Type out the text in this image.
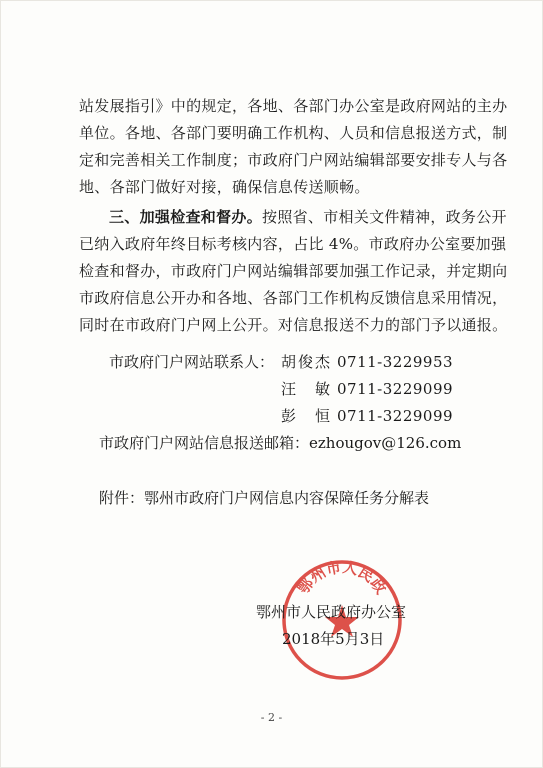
站发展指引》中的规定，各地、各部门办公室是政府网站的主办
单位。各地、各部门要明确工作机构、人员和信息报送方式，制
定和完善相关工作制度；市政府门户网站编辑部要安排专人与各
地、各部门做好对接，确保信息传送顺畅。
三、加强检查和督办。按照省、市相关文件精神，政务公开
已纳入政府年终目标考核内容，占比 4%。市政府办公室要加强
检查和督办，市政府门户网站编辑部要加强工作记录，并定期向
市政府信息公开办和各地、各部门工作机构反馈信息采用情况，
同时在市政府门户网上公开。对信息报送不力的部门予以通报。
市政府门户网站联系人： 胡俊杰 0711-3229953
汪　敏 0711-3229099
彭　恒 0711-3229099
市政府门户网站信息报送邮箱：ezhougov@126.com
附件：鄂州市政府门户网信息内容保障任务分解表
鄂州市人民政
鄂州市人民政府办公室
2018年5月3日
- 2 -
